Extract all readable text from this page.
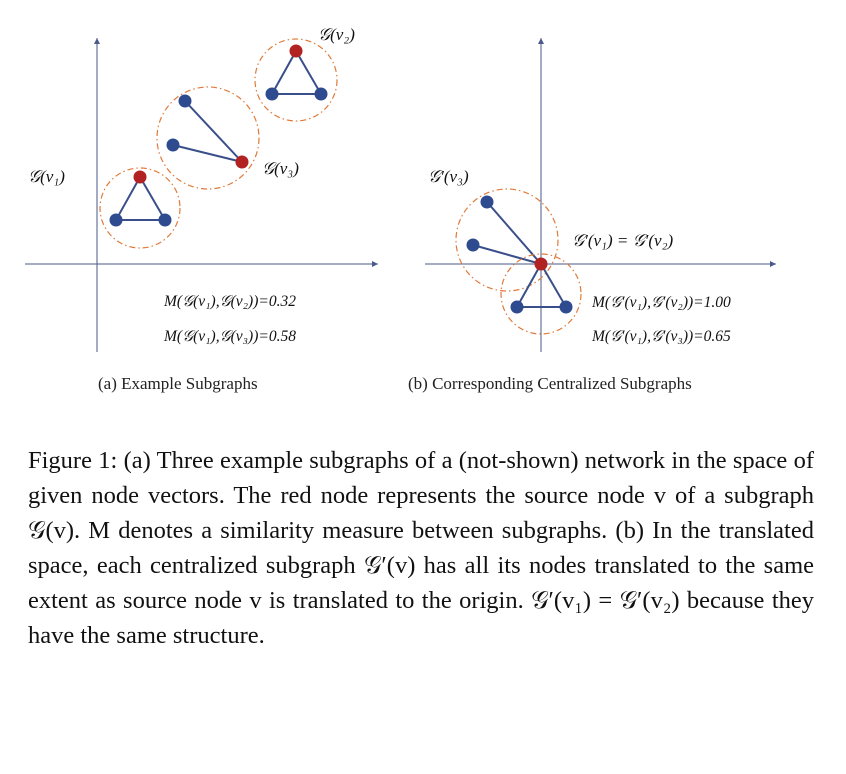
𝒢(v₁)	𝒢(v₃)
𝒢(v₂)
M(𝒢(v₁),𝒢(v₂))=0.32
M(𝒢(v₁),𝒢(v₃))=0.58
𝒢′(v₃)
𝒢′(v₁) = 𝒢′(v₂)
M(𝒢′(v₁),𝒢′(v₂))=1.00
M(𝒢′(v₁),𝒢′(v₃))=0.65
(a) Example Subgraphs	(b) Corresponding Centralized Subgraphs
Figure 1: (a) Three example subgraphs of a (not-shown) network in the space of given node vectors. The red node represents the source node v of a subgraph 𝒢(v). M denotes a similarity measure between subgraphs. (b) In the translated space, each centralized subgraph 𝒢′(v) has all its nodes translated to the same extent as source node v is translated to the origin. 𝒢′(v₁) = 𝒢′(v₂) because they have the same structure.
